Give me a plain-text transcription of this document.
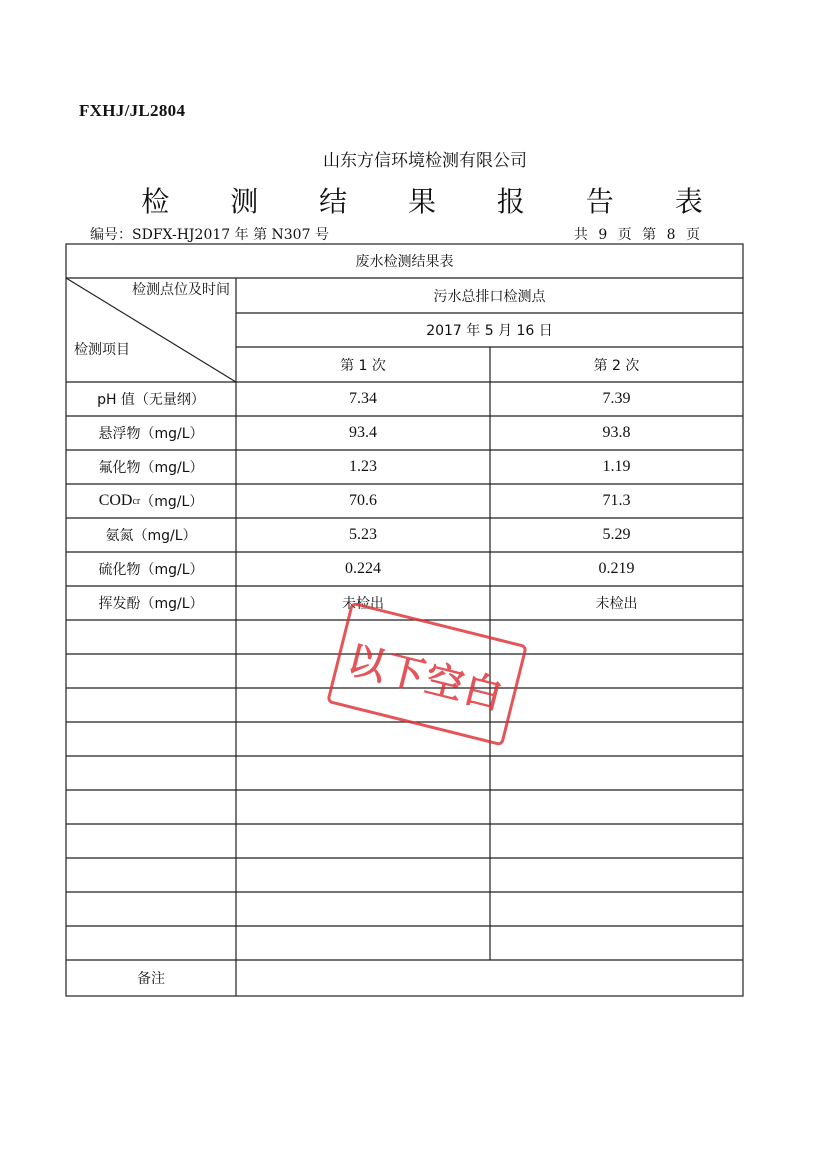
FXHJ/JL2804
山东方信环境检测有限公司
检 测 结 果 报 告 表
编号：SDFX-HJ2017 年 第 N307 号	共 9 页 第 8 页
废水检测结果表
检测点位及时间
检测项目
污水总排口检测点
2017 年 5 月 16 日
第 1 次	第 2 次
pH 值（无量纲）	7.34	7.39
悬浮物（mg/L）	93.4	93.8
氟化物（mg/L）	1.23	1.19
COD cr （mg/L）	70.6	71.3
氨氮（mg/L）	5.23	5.29
硫化物（mg/L）	0.224	0.219
挥发酚（mg/L）	未检出	未检出
备注
以下空白
